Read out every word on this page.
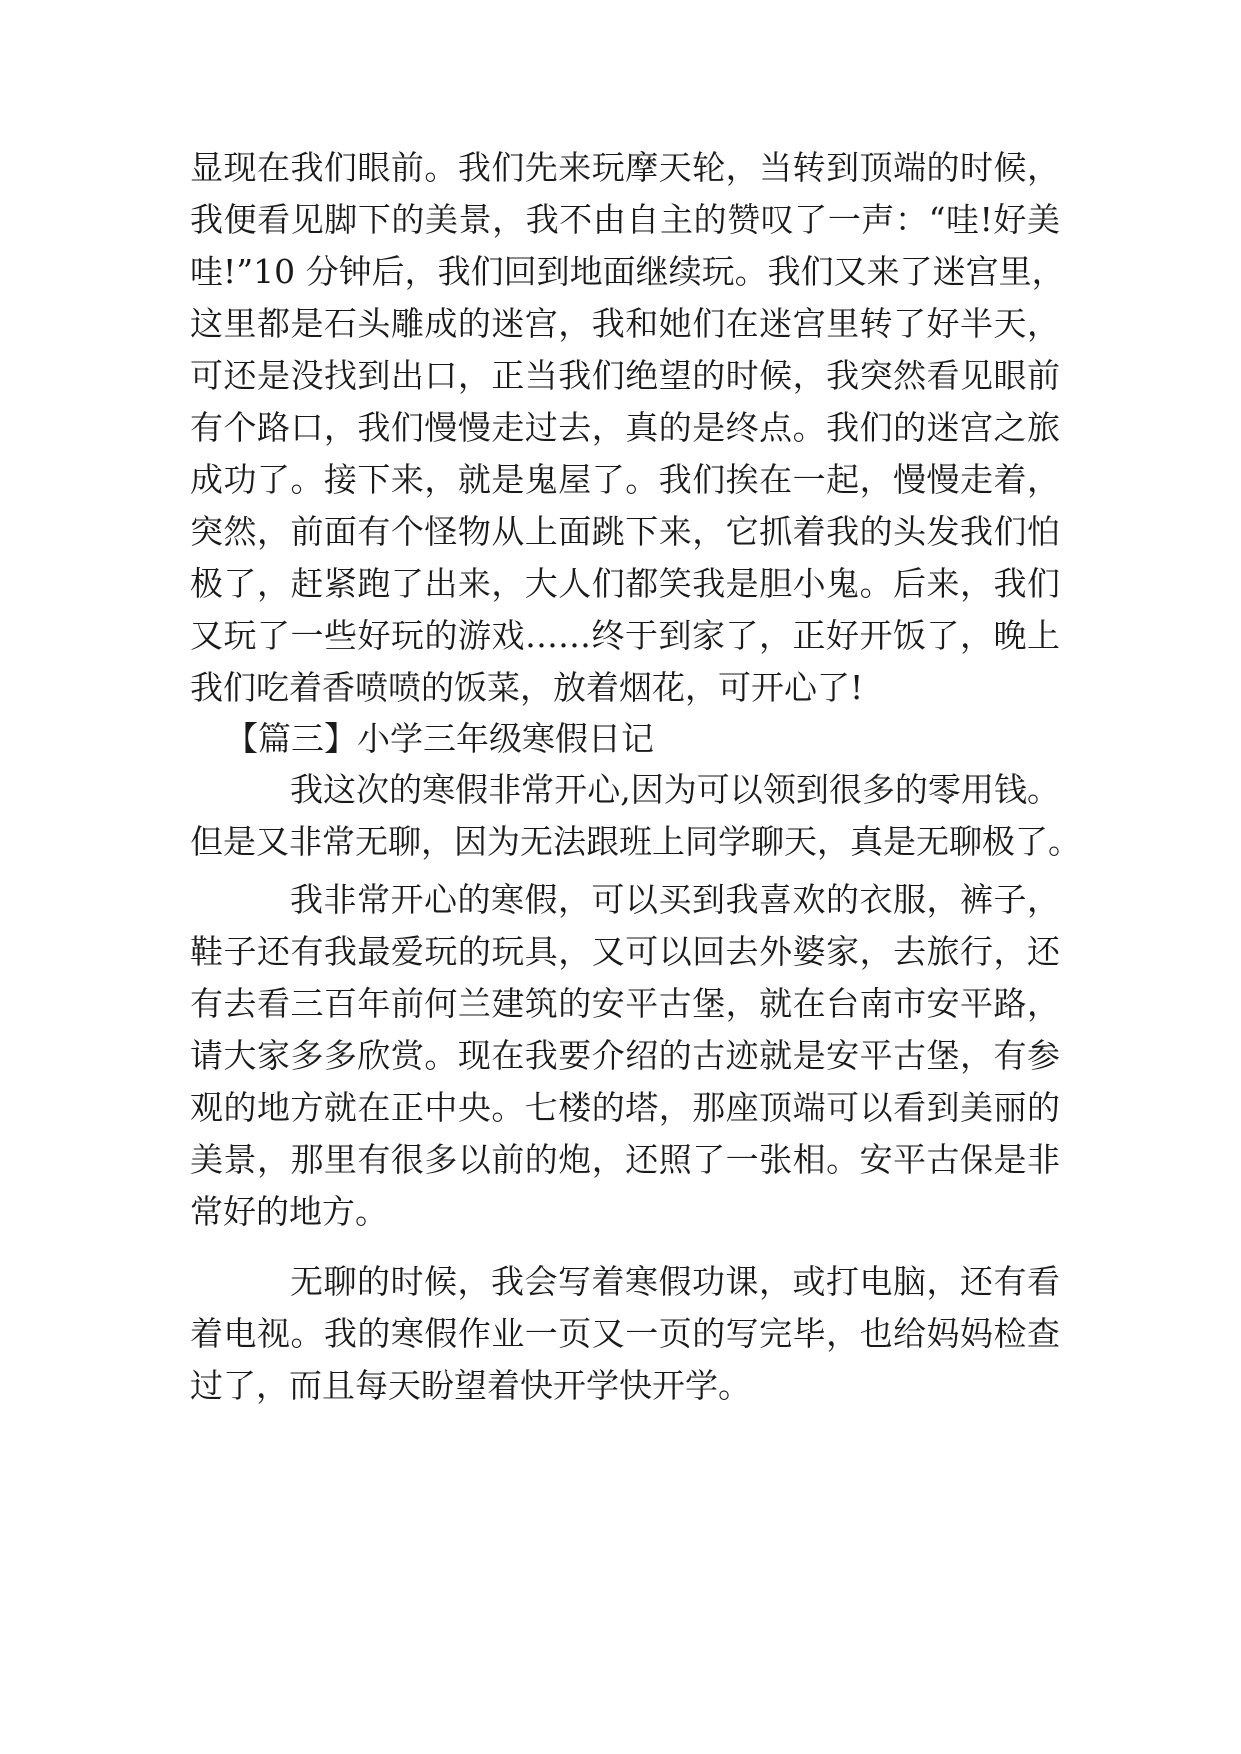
显现在我们眼前。我们先来玩摩天轮，当转到顶端的时候，
我便看见脚下的美景，我不由自主的赞叹了一声：“哇!好美
哇!”10 分钟后，我们回到地面继续玩。我们又来了迷宫里，
这里都是石头雕成的迷宫，我和她们在迷宫里转了好半天，
可还是没找到出口，正当我们绝望的时候，我突然看见眼前
有个路口，我们慢慢走过去，真的是终点。我们的迷宫之旅
成功了。接下来，就是鬼屋了。我们挨在一起，慢慢走着，
突然，前面有个怪物从上面跳下来，它抓着我的头发我们怕
极了，赶紧跑了出来，大人们都笑我是胆小鬼。后来，我们
又玩了一些好玩的游戏……终于到家了，正好开饭了，晚上
我们吃着香喷喷的饭菜，放着烟花，可开心了!
【篇三】小学三年级寒假日记
我这次的寒假非常开心,因为可以领到很多的零用钱。
但是又非常无聊，因为无法跟班上同学聊天，真是无聊极了。
我非常开心的寒假，可以买到我喜欢的衣服，裤子，
鞋子还有我最爱玩的玩具，又可以回去外婆家，去旅行，还
有去看三百年前何兰建筑的安平古堡，就在台南市安平路，
请大家多多欣赏。现在我要介绍的古迹就是安平古堡，有参
观的地方就在正中央。七楼的塔，那座顶端可以看到美丽的
美景，那里有很多以前的炮，还照了一张相。安平古保是非
常好的地方。
无聊的时候，我会写着寒假功课，或打电脑，还有看
着电视。我的寒假作业一页又一页的写完毕，也给妈妈检查
过了，而且每天盼望着快开学快开学。
